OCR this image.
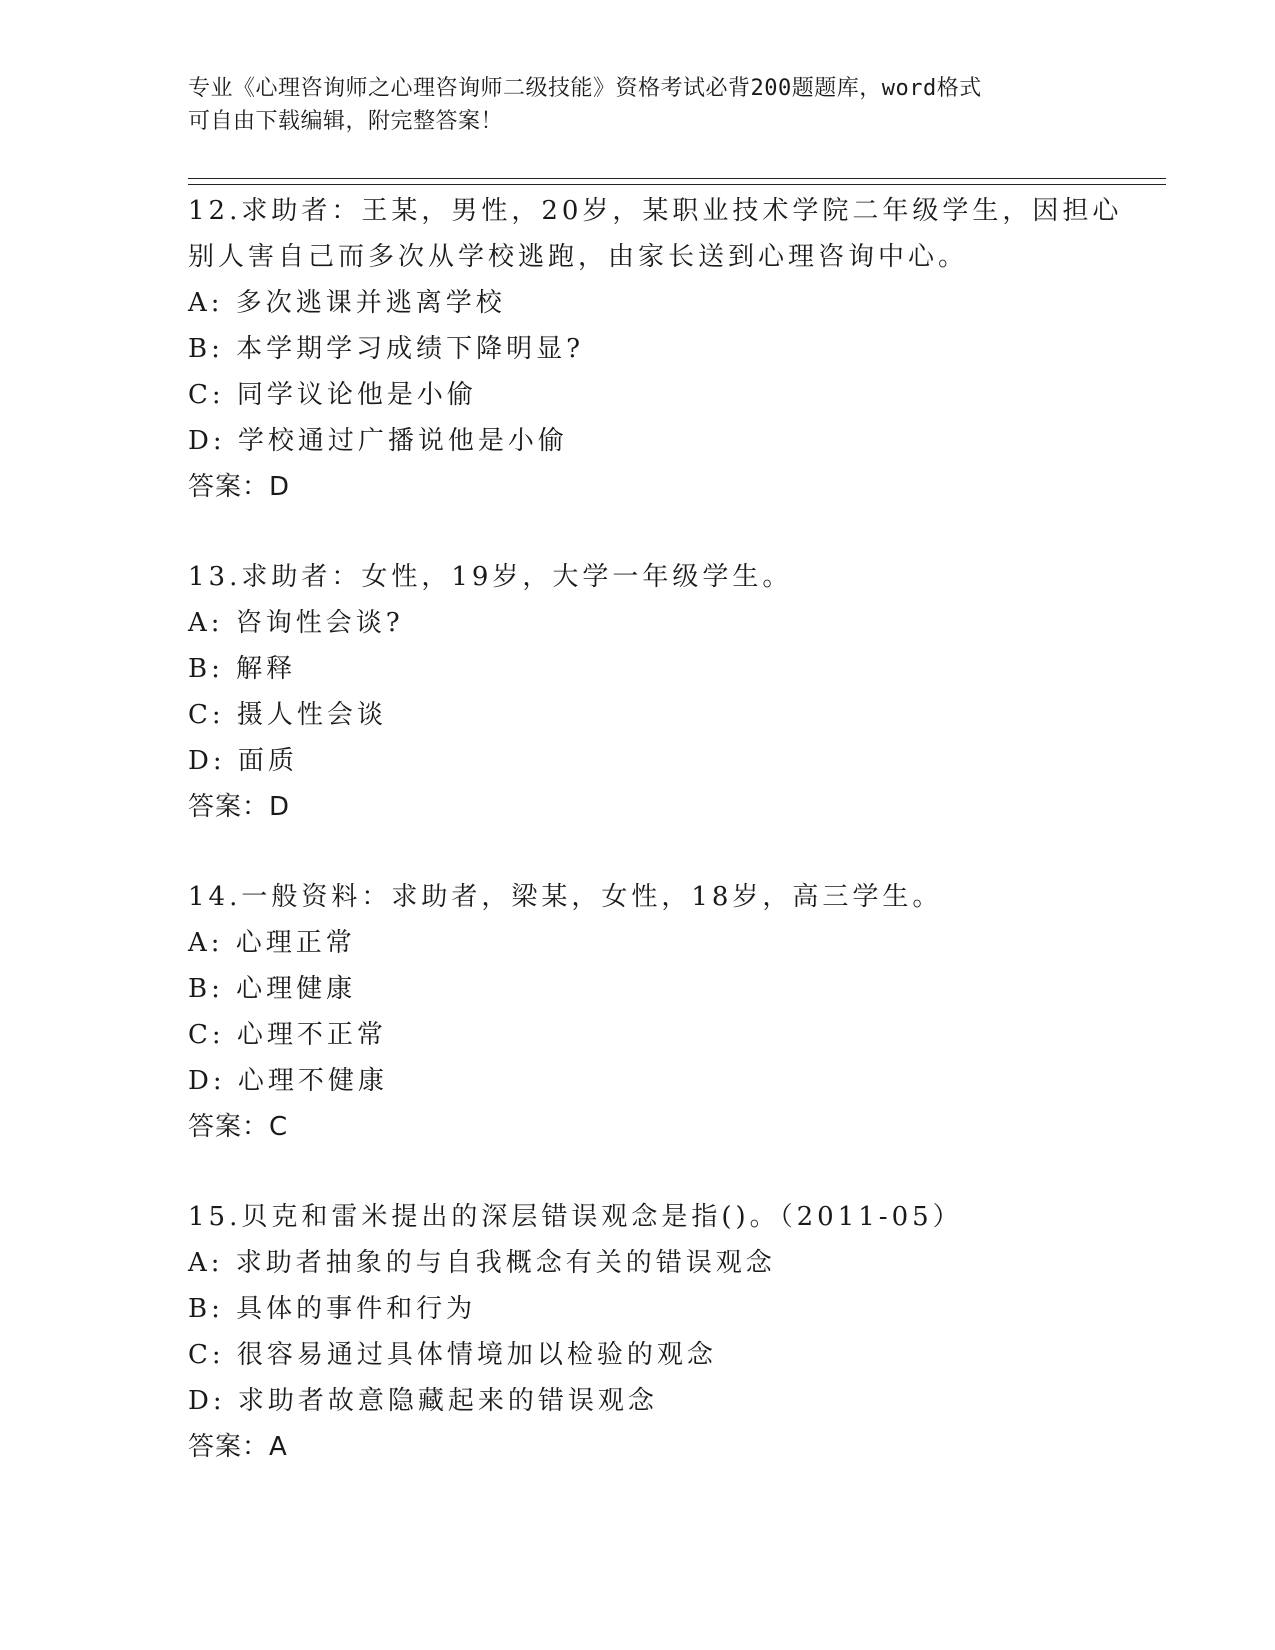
专业《心理咨询师之心理咨询师二级技能》资格考试必背200题题库，word格式
可自由下载编辑，附完整答案！
12.求助者：王某，男性，20岁，某职业技术学院二年级学生，因担心
别人害自己而多次从学校逃跑，由家长送到心理咨询中心。
A: 多次逃课并逃离学校
B: 本学期学习成绩下降明显?
C: 同学议论他是小偷
D: 学校通过广播说他是小偷
答案：D
13.求助者：女性，19岁，大学一年级学生。
A: 咨询性会谈?
B: 解释
C: 摄人性会谈
D: 面质
答案：D
14.一般资料：求助者，梁某，女性，18岁，高三学生。
A: 心理正常
B: 心理健康
C: 心理不正常
D: 心理不健康
答案：C
15.贝克和雷米提出的深层错误观念是指()。（2011-05）
A: 求助者抽象的与自我概念有关的错误观念
B: 具体的事件和行为
C: 很容易通过具体情境加以检验的观念
D: 求助者故意隐藏起来的错误观念
答案：A
